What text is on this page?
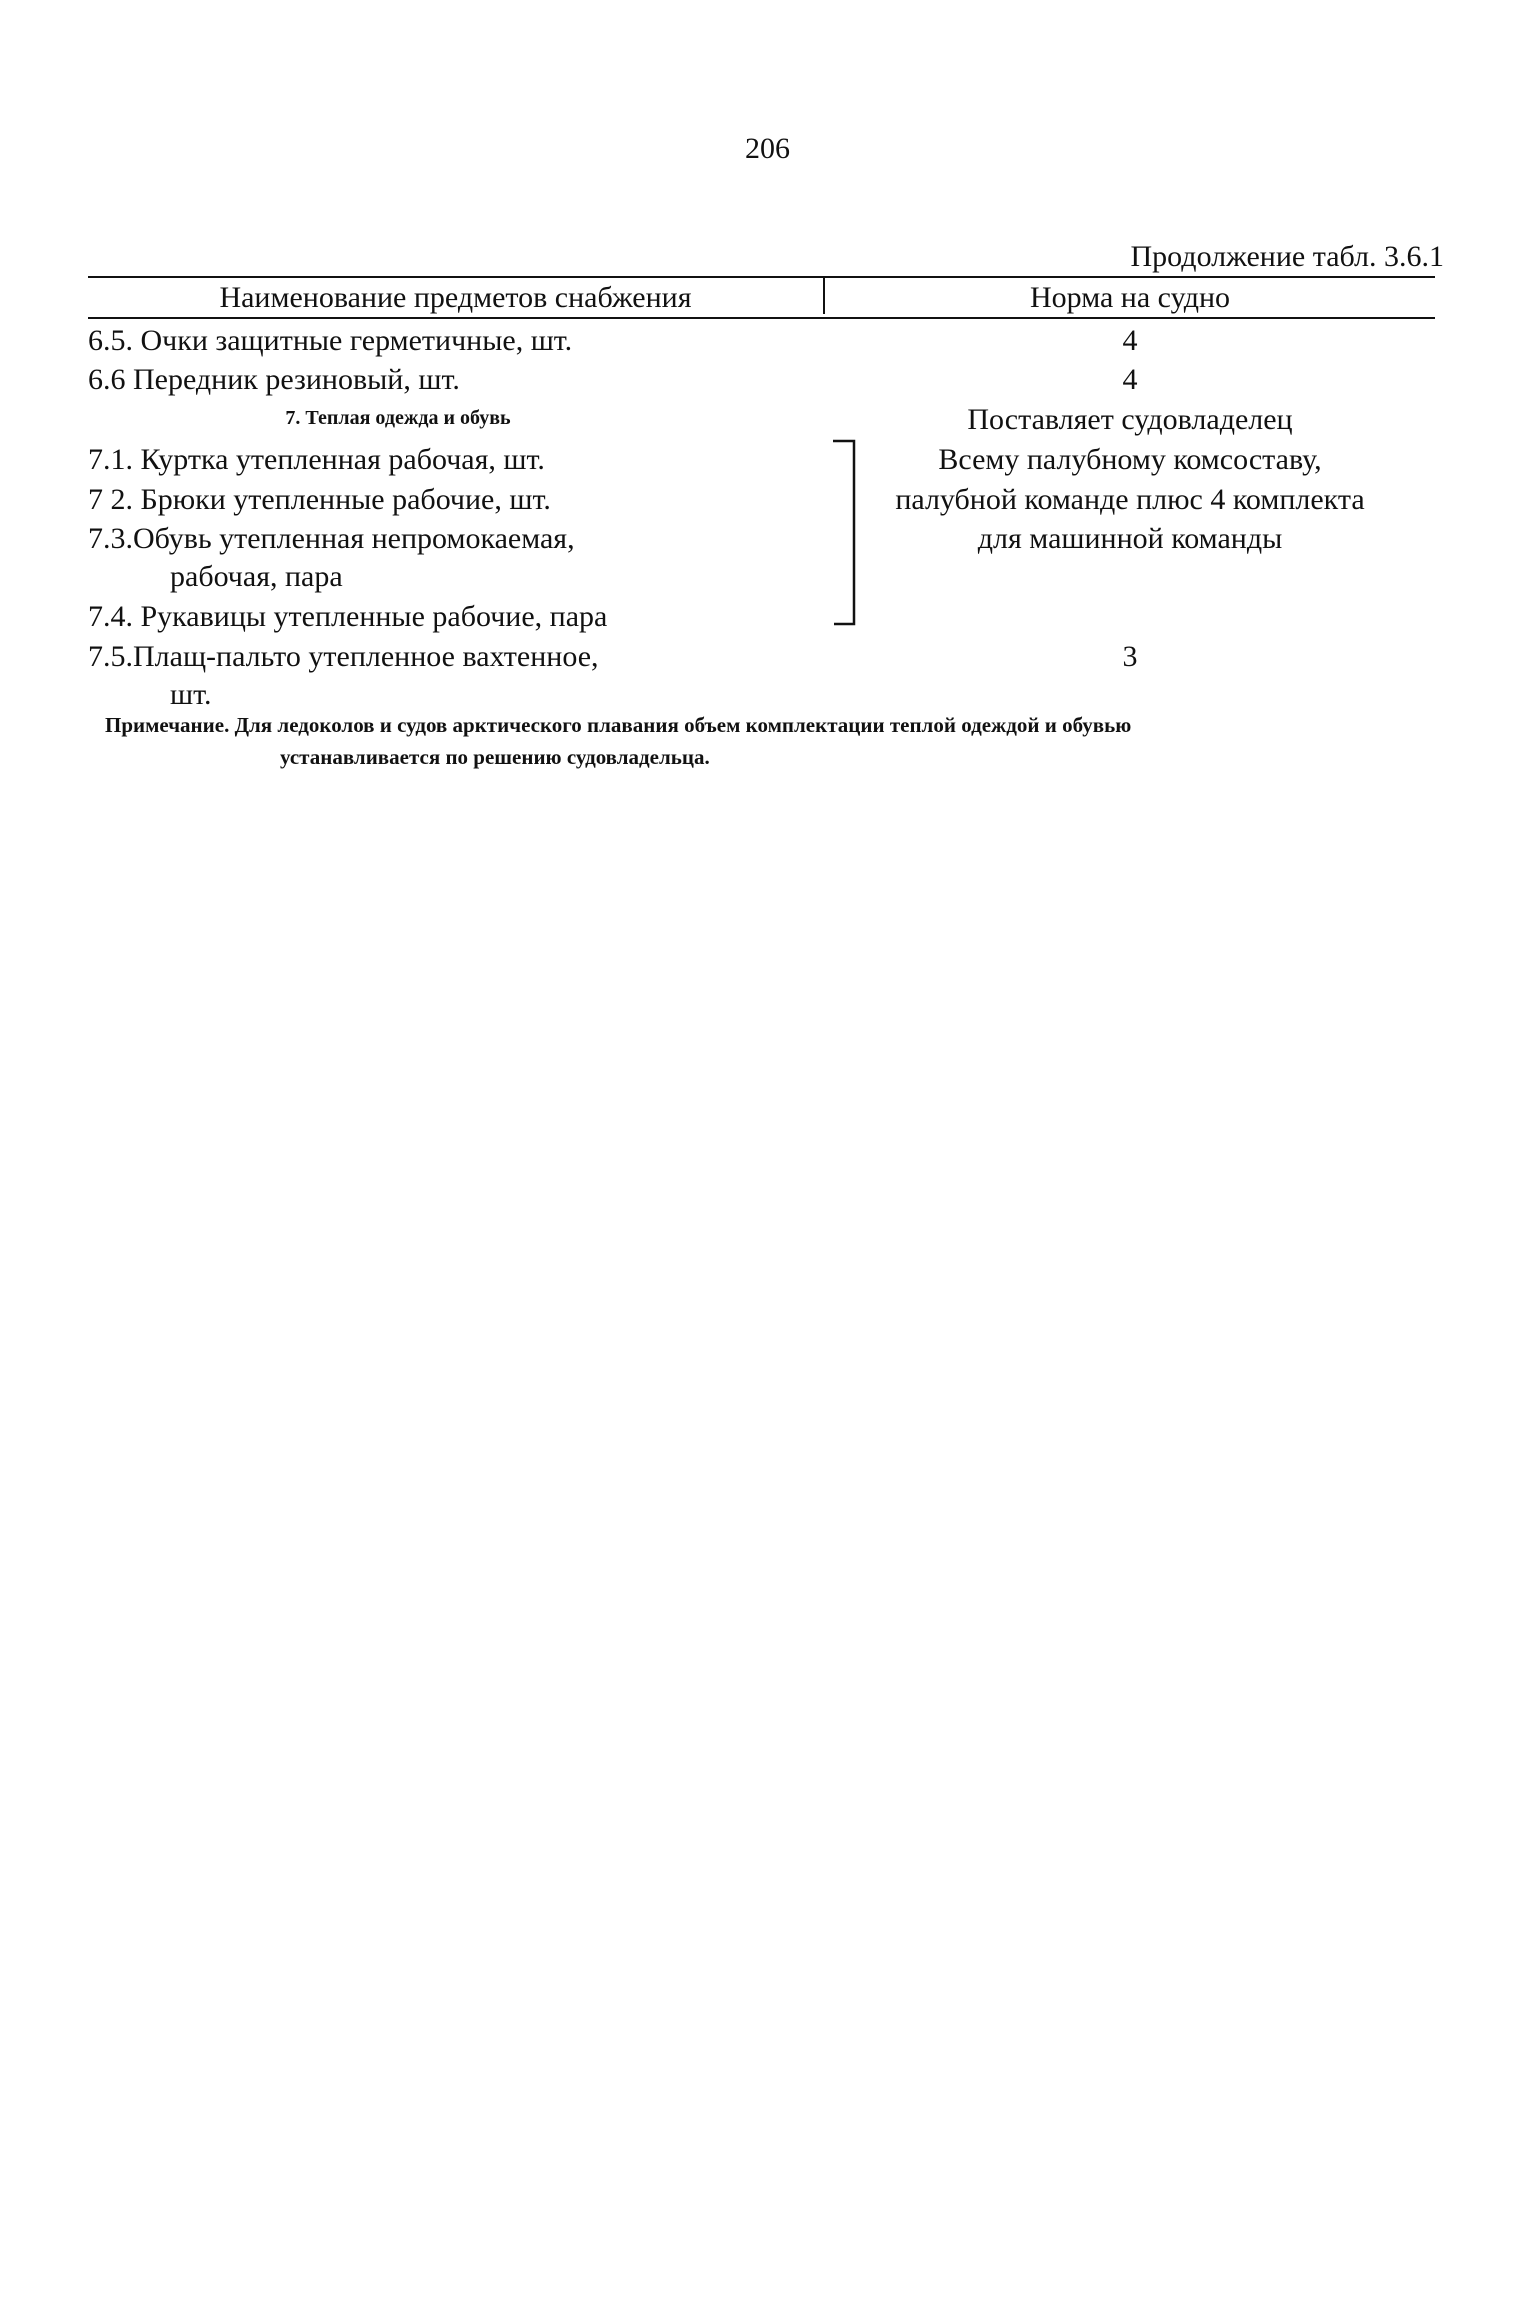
206
Продолжение табл. 3.6.1
Наименование предметов снабжения	Норма на судно
6.5. Очки защитные герметичные, шт.	4
6.6 Передник резиновый, шт.	4
7. Теплая одежда и обувь	Поставляет судовладелец
7.1. Куртка утепленная рабочая, шт.	Всему палубному комсоставу,
7 2. Брюки утепленные рабочие, шт.	палубной команде плюс 4 комплекта
7.3.Обувь утепленная непромокаемая,	для машинной команды
рабочая, пара
7.4. Рукавицы утепленные рабочие, пара
7.5.Плащ-пальто утепленное вахтенное,	3
шт.
Примечание. Для ледоколов и судов арктического плавания объем комплектации теплой одеждой и обувью
устанавливается по решению судовладельца.
